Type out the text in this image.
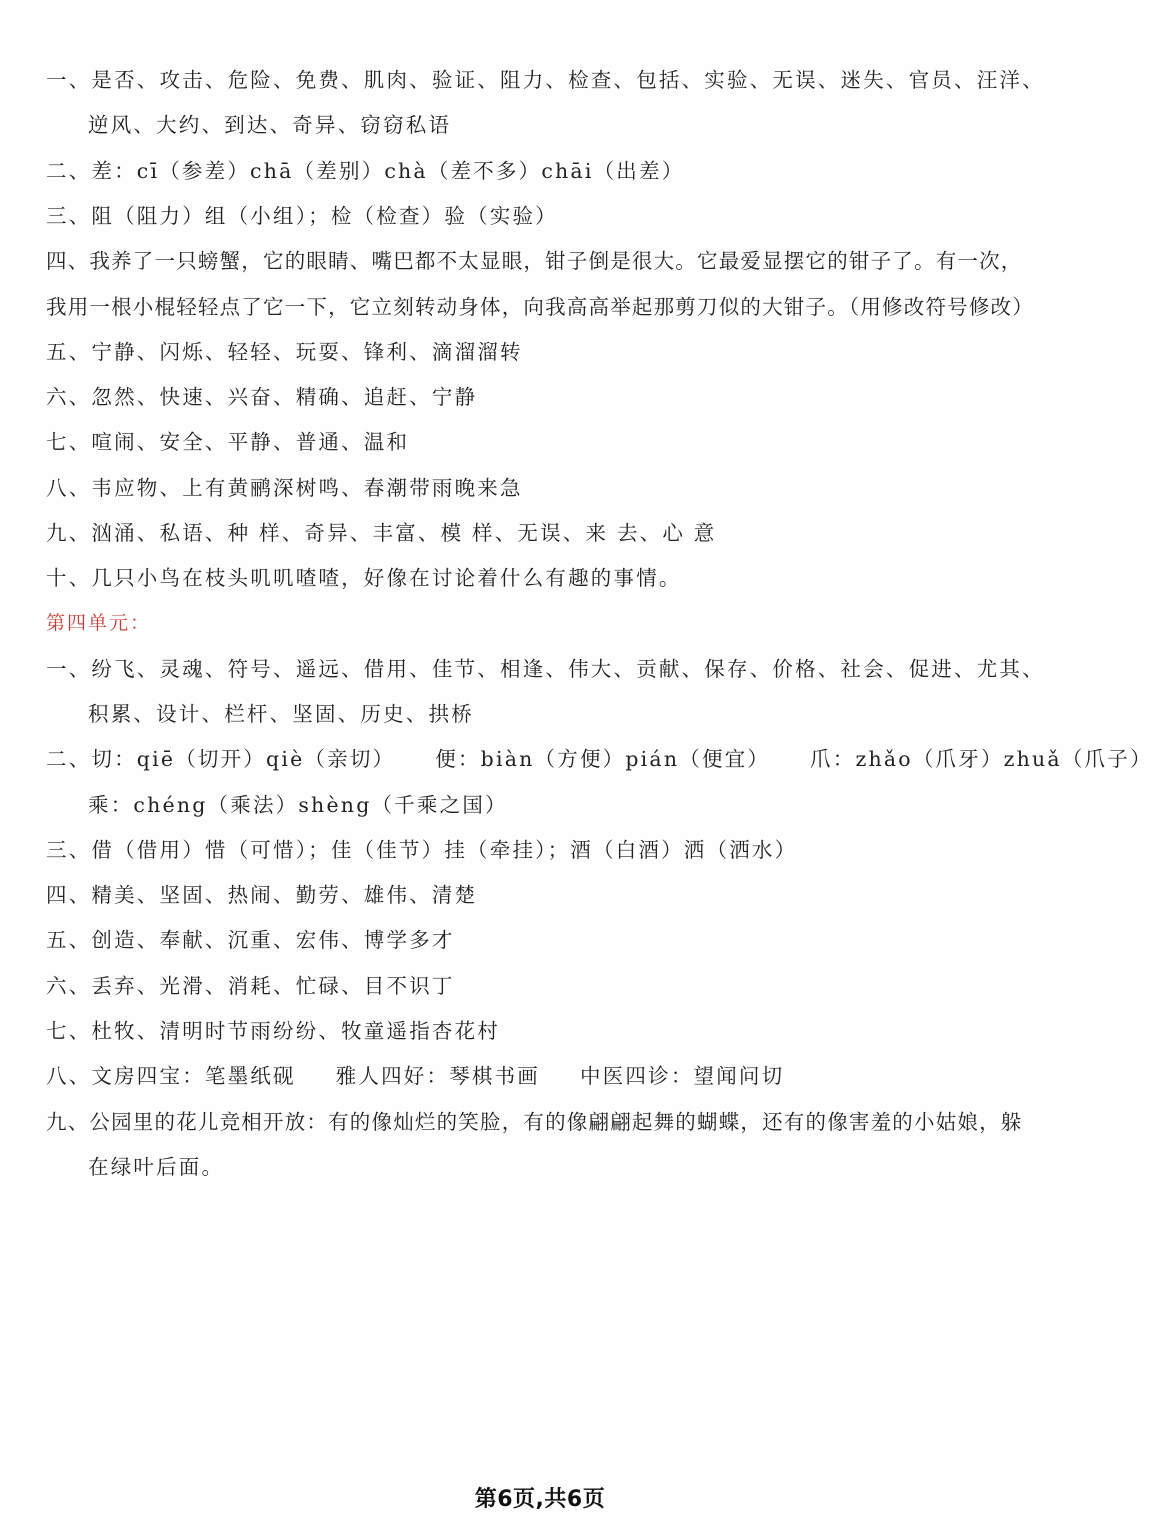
一、是否、攻击、危险、免费、肌肉、验证、阻力、检查、包括、实验、无误、迷失、官员、汪洋、
逆风、大约、到达、奇异、窃窃私语
二、差：cī（参差）chā（差别）chà（差不多）chāi（出差）
三、阻（阻力）组（小组）；检（检查）验（实验）
四、我养了一只螃蟹，它的眼睛、嘴巴都不太显眼，钳子倒是很大。它最爱显摆它的钳子了。有一次，
我用一根小棍轻轻点了它一下，它立刻转动身体，向我高高举起那剪刀似的大钳子。（用修改符号修改）
五、宁静、闪烁、轻轻、玩耍、锋利、滴溜溜转
六、忽然、快速、兴奋、精确、追赶、宁静
七、喧闹、安全、平静、普通、温和
八、韦应物、上有黄鹂深树鸣、春潮带雨晚来急
九、汹涌、私语、种 样、奇异、丰富、模 样、无误、来 去、心 意
十、几只小鸟在枝头叽叽喳喳，好像在讨论着什么有趣的事情。
第四单元：
一、纷飞、灵魂、符号、遥远、借用、佳节、相逢、伟大、贡献、保存、价格、社会、促进、尤其、
积累、设计、栏杆、坚固、历史、拱桥
二、切：qiē（切开）qiè（亲切） 便：biàn（方便）pián（便宜） 爪：zhǎo（爪牙）zhuǎ（爪子）
乘：chéng（乘法）shèng（千乘之国）
三、借（借用）惜（可惜）；佳（佳节）挂（牵挂）；酒（白酒）洒（洒水）
四、精美、坚固、热闹、勤劳、雄伟、清楚
五、创造、奉献、沉重、宏伟、博学多才
六、丢弃、光滑、消耗、忙碌、目不识丁
七、杜牧、清明时节雨纷纷、牧童遥指杏花村
八、文房四宝：笔墨纸砚 雅人四好：琴棋书画 中医四诊：望闻问切
九、公园里的花儿竞相开放：有的像灿烂的笑脸，有的像翩翩起舞的蝴蝶，还有的像害羞的小姑娘，躲
在绿叶后面。
第6页,共6页
